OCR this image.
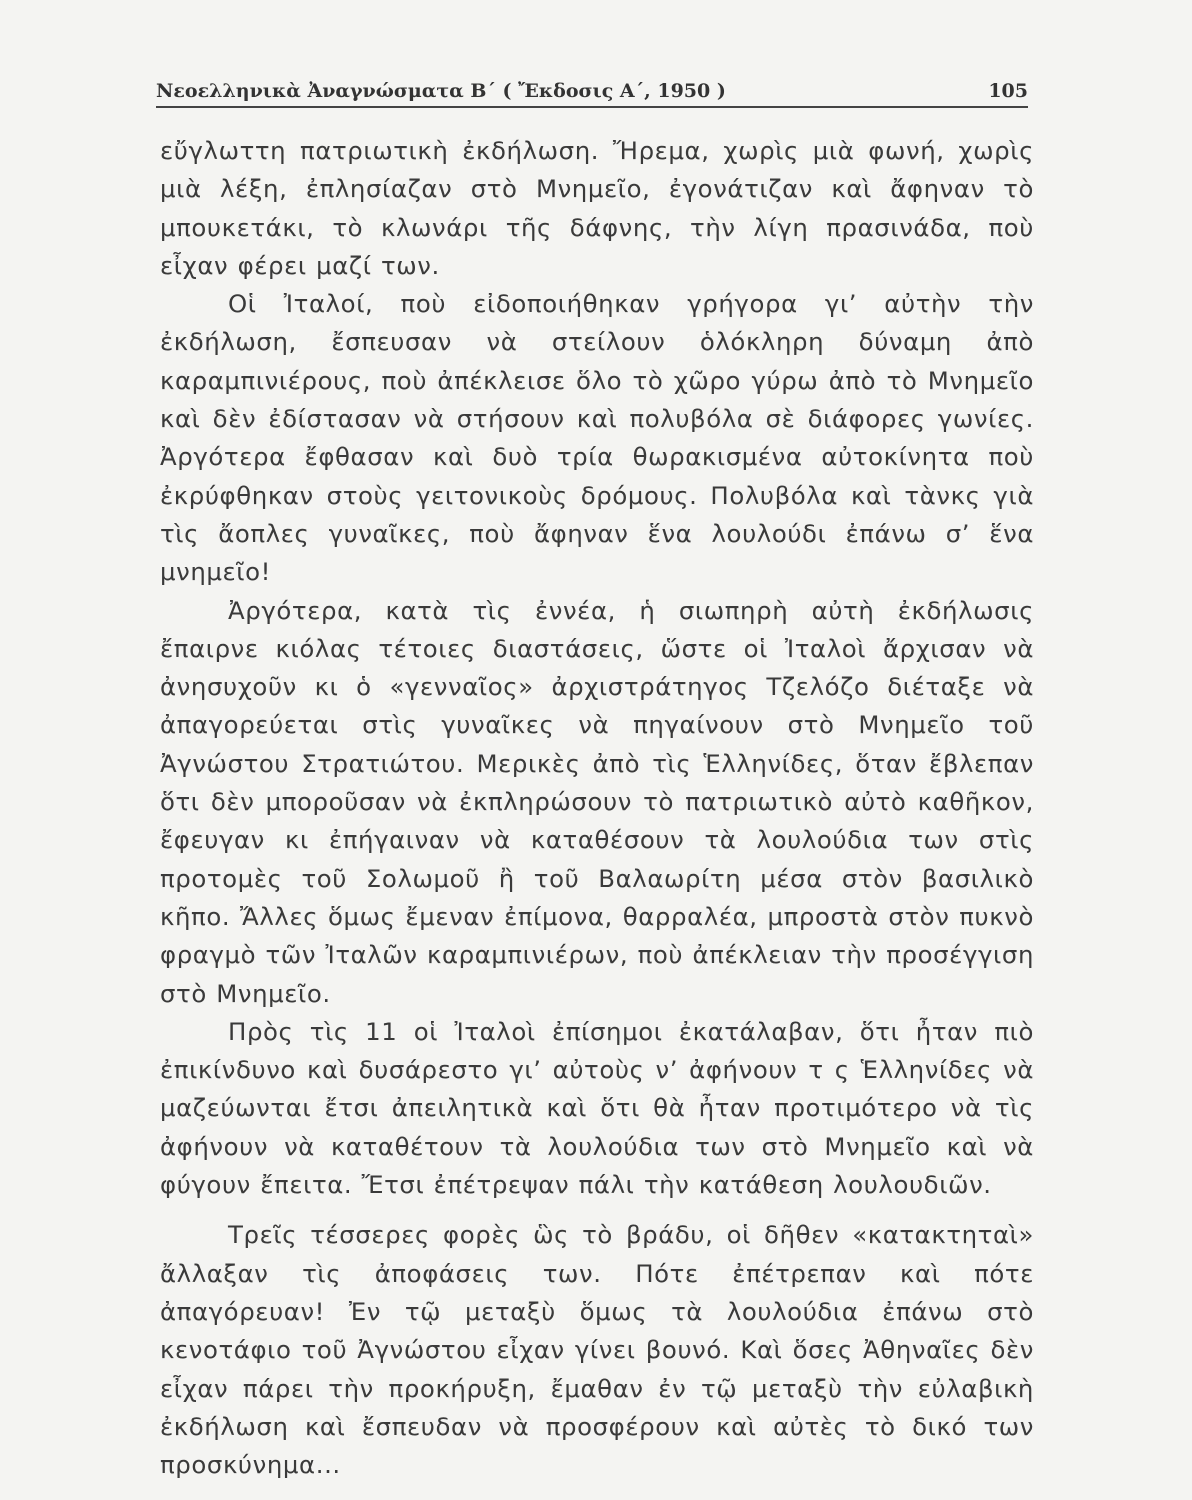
Νεοελληνικὰ Ἀναγνώσματα Β΄ ( Ἔκδοσις Α΄, 1950 )	105

εὔγλωττη πατριωτικὴ ἐκδήλωση. Ἤρεμα, χωρὶς μιὰ φωνή, χωρὶς μιὰ λέξη, ἐπλησίαζαν στὸ Μνημεῖο, ἐγονάτιζαν καὶ ἄφηναν τὸ μπουκετάκι, τὸ κλωνάρι τῆς δάφνης, τὴν λίγη πρασινάδα, ποὺ εἶχαν φέρει μαζί των.

Οἱ Ἰταλοί, ποὺ εἰδοποιήθηκαν γρήγορα γι’ αὐτὴν τὴν ἐκδήλωση, ἔσπευσαν νὰ στείλουν ὁλόκληρη δύναμη ἀπὸ καραμπινιέρους, ποὺ ἀπέκλεισε ὅλο τὸ χῶρο γύρω ἀπὸ τὸ Μνημεῖο καὶ δὲν ἐδίστασαν νὰ στήσουν καὶ πολυβόλα σὲ διάφορες γωνίες. Ἀργότερα ἔφθασαν καὶ δυὸ τρία θωρακισμένα αὐτοκίνητα ποὺ ἐκρύφθηκαν στοὺς γειτονικοὺς δρόμους. Πολυβόλα καὶ τὰνκς γιὰ τὶς ἄοπλες γυναῖκες, ποὺ ἄφηναν ἕνα λουλούδι ἐπάνω σ’ ἕνα μνημεῖο!

Ἀργότερα, κατὰ τὶς ἐννέα, ἡ σιωπηρὴ αὐτὴ ἐκδήλωσις ἔπαιρνε κιόλας τέτοιες διαστάσεις, ὥστε οἱ Ἰταλοὶ ἄρχισαν νὰ ἀνησυχοῦν κι ὁ «γενναῖος» ἀρχιστράτηγος Τζελόζο διέταξε νὰ ἀπαγορεύεται στὶς γυναῖκες νὰ πηγαίνουν στὸ Μνημεῖο τοῦ Ἀγνώστου Στρατιώτου. Μερικὲς ἀπὸ τὶς Ἑλληνίδες, ὅταν ἔβλεπαν ὅτι δὲν μποροῦσαν νὰ ἐκπληρώσουν τὸ πατριωτικὸ αὐτὸ καθῆκον, ἔφευγαν κι ἐπήγαιναν νὰ καταθέσουν τὰ λουλούδια των στὶς προτομὲς τοῦ Σολωμοῦ ἢ τοῦ Βαλαωρίτη μέσα στὸν βασιλικὸ κῆπο. Ἄλλες ὅμως ἔμεναν ἐπίμονα, θαρραλέα, μπροστὰ στὸν πυκνὸ φραγμὸ τῶν Ἰταλῶν καραμπινιέρων, ποὺ ἀπέκλειαν τὴν προσέγγιση στὸ Μνημεῖο.

Πρὸς τὶς 11 οἱ Ἰταλοὶ ἐπίσημοι ἐκατάλαβαν, ὅτι ἦταν πιὸ ἐπικίνδυνο καὶ δυσάρεστο γι’ αὐτοὺς ν’ ἀφήνουν τ ς Ἑλληνίδες νὰ μαζεύωνται ἔτσι ἀπειλητικὰ καὶ ὅτι θὰ ἦταν προτιμότερο νὰ τὶς ἀφήνουν νὰ καταθέτουν τὰ λουλούδια των στὸ Μνημεῖο καὶ νὰ φύγουν ἔπειτα. Ἔτσι ἐπέτρεψαν πάλι τὴν κατάθεση λουλουδιῶν.

Τρεῖς τέσσερες φορὲς ὣς τὸ βράδυ, οἱ δῆθεν «κατακτηταὶ» ἄλλαξαν τὶς ἀποφάσεις των. Πότε ἐπέτρεπαν καὶ πότε ἀπαγόρευαν! Ἐν τῷ μεταξὺ ὅμως τὰ λουλούδια ἐπάνω στὸ κενοτάφιο τοῦ Ἀγνώστου εἶχαν γίνει βουνό. Καὶ ὅσες Ἀθηναῖες δὲν εἶχαν πάρει τὴν προκήρυξη, ἔμαθαν ἐν τῷ μεταξὺ τὴν εὐλαβικὴ ἐκδήλωση καὶ ἔσπευδαν νὰ προσφέρουν καὶ αὐτὲς τὸ δικό των προσκύνημα...
